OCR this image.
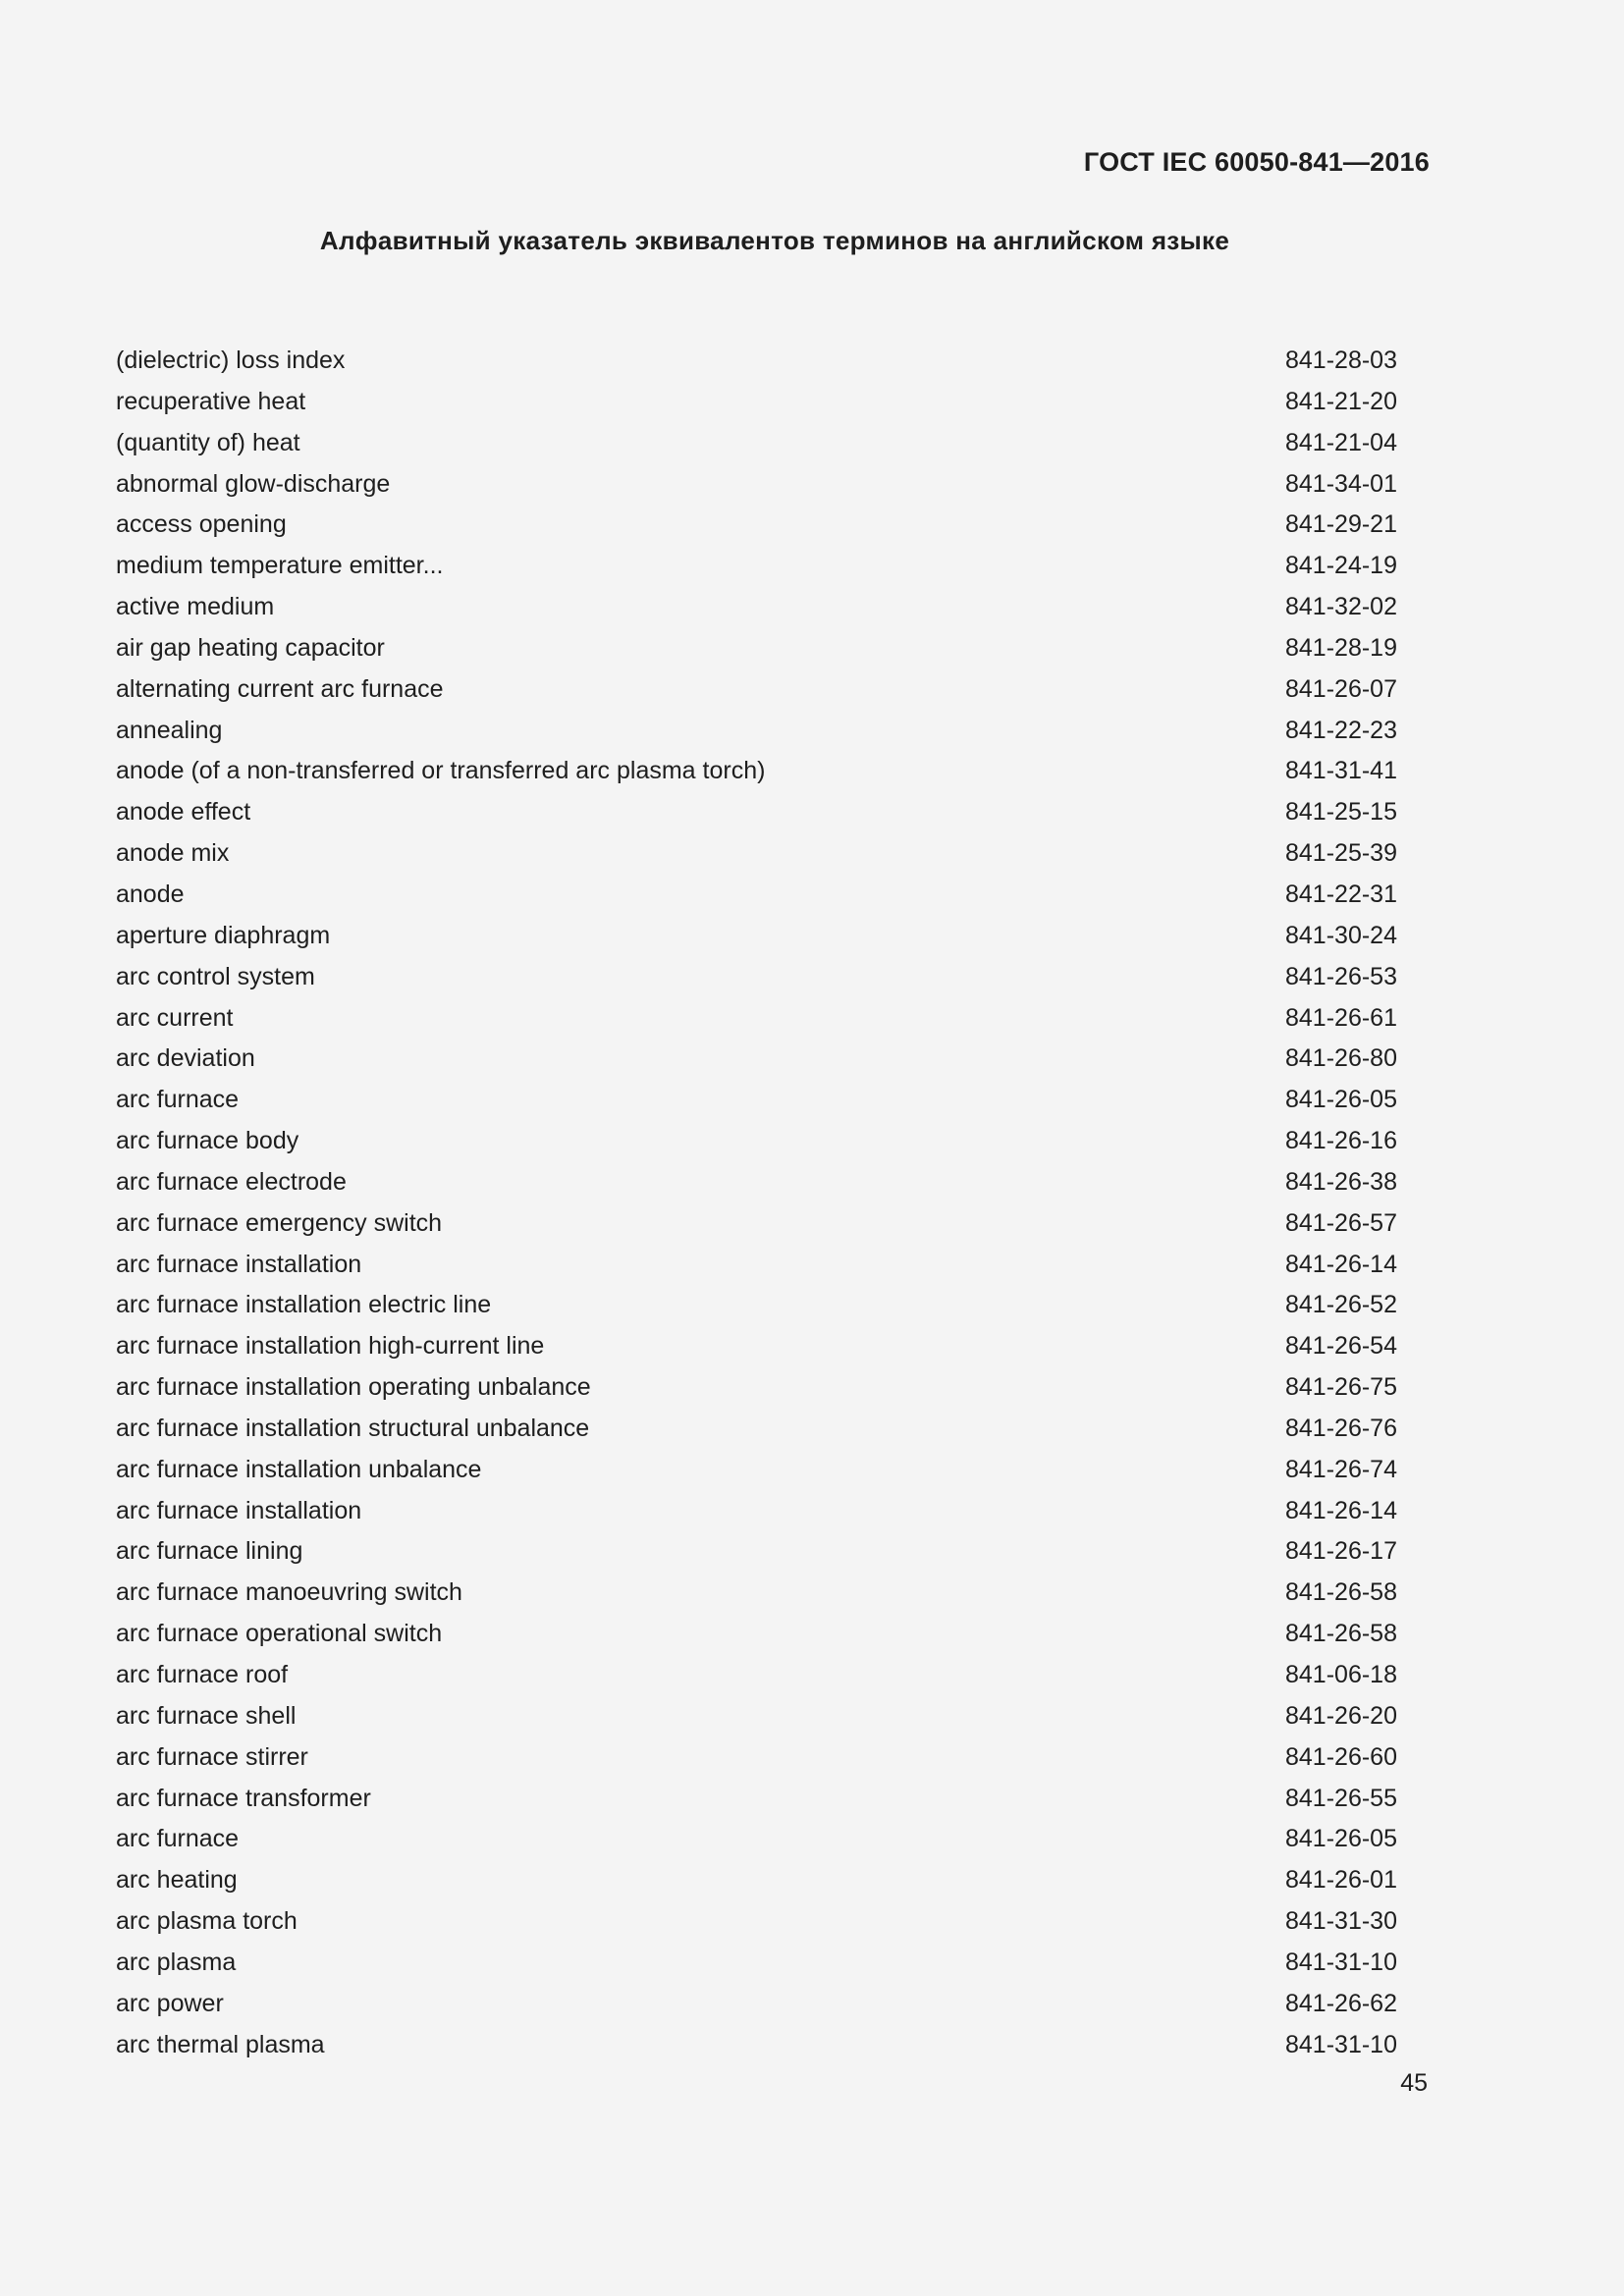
ГОСТ IEC 60050-841—2016
Алфавитный указатель эквивалентов терминов на английском языке
(dielectric) loss index	841-28-03
recuperative heat	841-21-20
(quantity of) heat	841-21-04
abnormal glow-discharge	841-34-01
access opening	841-29-21
medium temperature emitter...	841-24-19
active medium	841-32-02
air gap heating capacitor	841-28-19
alternating current arc furnace	841-26-07
annealing	841-22-23
anode (of a non-transferred or transferred arc plasma torch)	841-31-41
anode effect	841-25-15
anode mix	841-25-39
anode	841-22-31
aperture diaphragm	841-30-24
arc control system	841-26-53
arc current	841-26-61
arc deviation	841-26-80
arc furnace	841-26-05
arc furnace body	841-26-16
arc furnace electrode	841-26-38
arc furnace emergency switch	841-26-57
arc furnace installation	841-26-14
arc furnace installation electric line	841-26-52
arc furnace installation high-current line	841-26-54
arc furnace installation operating unbalance	841-26-75
arc furnace installation structural unbalance	841-26-76
arc furnace installation unbalance	841-26-74
arc furnace installation	841-26-14
arc furnace lining	841-26-17
arc furnace manoeuvring switch	841-26-58
arc furnace operational switch	841-26-58
arc furnace roof	841-06-18
arc furnace shell	841-26-20
arc furnace stirrer	841-26-60
arc furnace transformer	841-26-55
arc furnace	841-26-05
arc heating	841-26-01
arc plasma torch	841-31-30
arc plasma	841-31-10
arc power	841-26-62
arc thermal plasma	841-31-10
45
